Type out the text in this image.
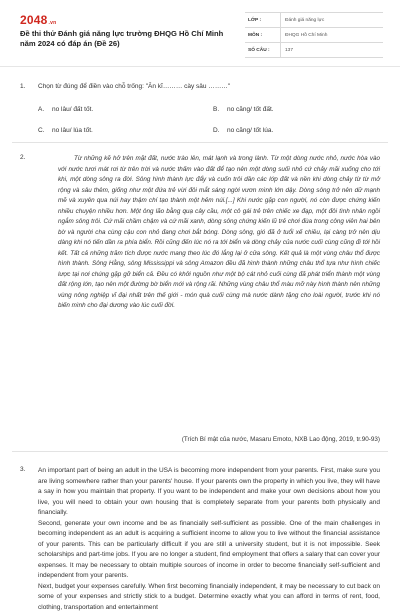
2048.vn
Đề thi thử Đánh giá năng lực trường ĐHQG Hồ Chí Minh năm 2024 có đáp án (Đề 26)
LỚP :	Đánh giá năng lực
MÔN :	ĐHQG Hồ Chí Minh
SỐ CÂU :	137
1. Chọn từ đúng để điền vào chỗ trống: "Ăn kĩ……… cày sâu ………"
A. no lâu/ đất tốt.	B. no căng/ tốt đất.
C. no lâu/ lúa tốt.	D. no căng/ tốt lúa.
2.	Từ những kẽ hở trên mặt đất, nước trào lên, mát lạnh và trong lành. Từ một dòng nước nhỏ, nước hòa vào với nước tươi mát rơi từ trên trời và nước thấm vào đất để tạo nên một dòng suối nhỏ cứ chảy mãi xuống cho tới khi, một dòng sông ra đời. Sông hình thành lực đẩy và cuốn trôi dần các lớp đất và nền khi dòng chảy từ từ mở rộng và sâu thêm, giống như một đứa trẻ vừi đôi mắt sáng ngời vươn mình lớn dậy. Dòng sông trở nên dữ mạnh mẽ và xuyên qua núi hay thậm chí tạo thành một hẻm núi.[...] Khi nước gặp con người, nó còn được chứng kiến nhiều chuyện nhiều hơn. Một ông lão bằng quạ cây cầu, một cô gái trẻ trên chiếc xe đạp, một đôi tình nhân ngồi ngắm sông trôi. Cứ mãi chầm chậm và cứ mãi xanh, dòng sông chứng kiến lũ trẻ chơi đùa trong công viên hai bên bờ và người cha cùng cậu con nhỏ đang chơi bắt bóng. Dòng sông, gió đã ở tuổi xế chiều, lại càng trở nên dịu dàng khi nó tiến dần ra phía biển. Rồi cũng đến lúc nó ra tới biển và dòng chảy của nước cuối cùng cũng đi tới hồi kết. Tất cả những trăm tích được nước mang theo lúc đó lắng lại ở cửa sông. Kết quả là một vùng châu thổ được hình thành. Sông Hằng, sông Mississippi và sông Amazon đều đã hình thành những châu thổ tựa như hình chiếc lược tại nơi chúng gặp gỡ biển cả. Đều có khởi nguồn như một bộ cát nhỏ cuối cùng đã phát triển thành một vùng đất rộng lớn, tạo nên một đường bờ biển mới và rộng rãi. Những vùng châu thổ màu mỡ này hình thành nên những vùng nông nghiệp vĩ đại nhất trên thế giới - món quà cuối cùng mà nước dành tặng cho loài người, trước khi nó biến mình cho đại dương vào lúc cuối đời.
(Trích Bí mật của nước, Masaru Emoto, NXB Lao động, 2019, tr.90-93)
3. An important part of being an adult in the USA is becoming more independent from your parents. First, make sure you are living somewhere rather than your parents' house. If your parents own the property in which you live, they will have a say in how you maintain that property. If you want to be independent and make your own decisions about how you live, you will need to obtain your own housing that is completely separate from your parents both physically and financially.

Second, generate your own income and be as financially self-sufficient as possible. One of the main challenges in becoming independent as an adult is acquiring a sufficient income to allow you to live without the financial assistance of your parents. This can be particularly difficult if you are still a university student, but it is not impossible. Seek scholarships and part-time jobs. If you are no longer a student, find employment that offers a salary that can cover your expenses. It may be necessary to obtain multiple sources of income in order to become financially self-sufficient and independent from your parents.

Next, budget your expenses carefully. When first becoming financially independent, it may be necessary to cut back on some of your expenses and strictly stick to a budget. Determine exactly what you can afford in terms of rent, food, clothing, transportation and entertainment
